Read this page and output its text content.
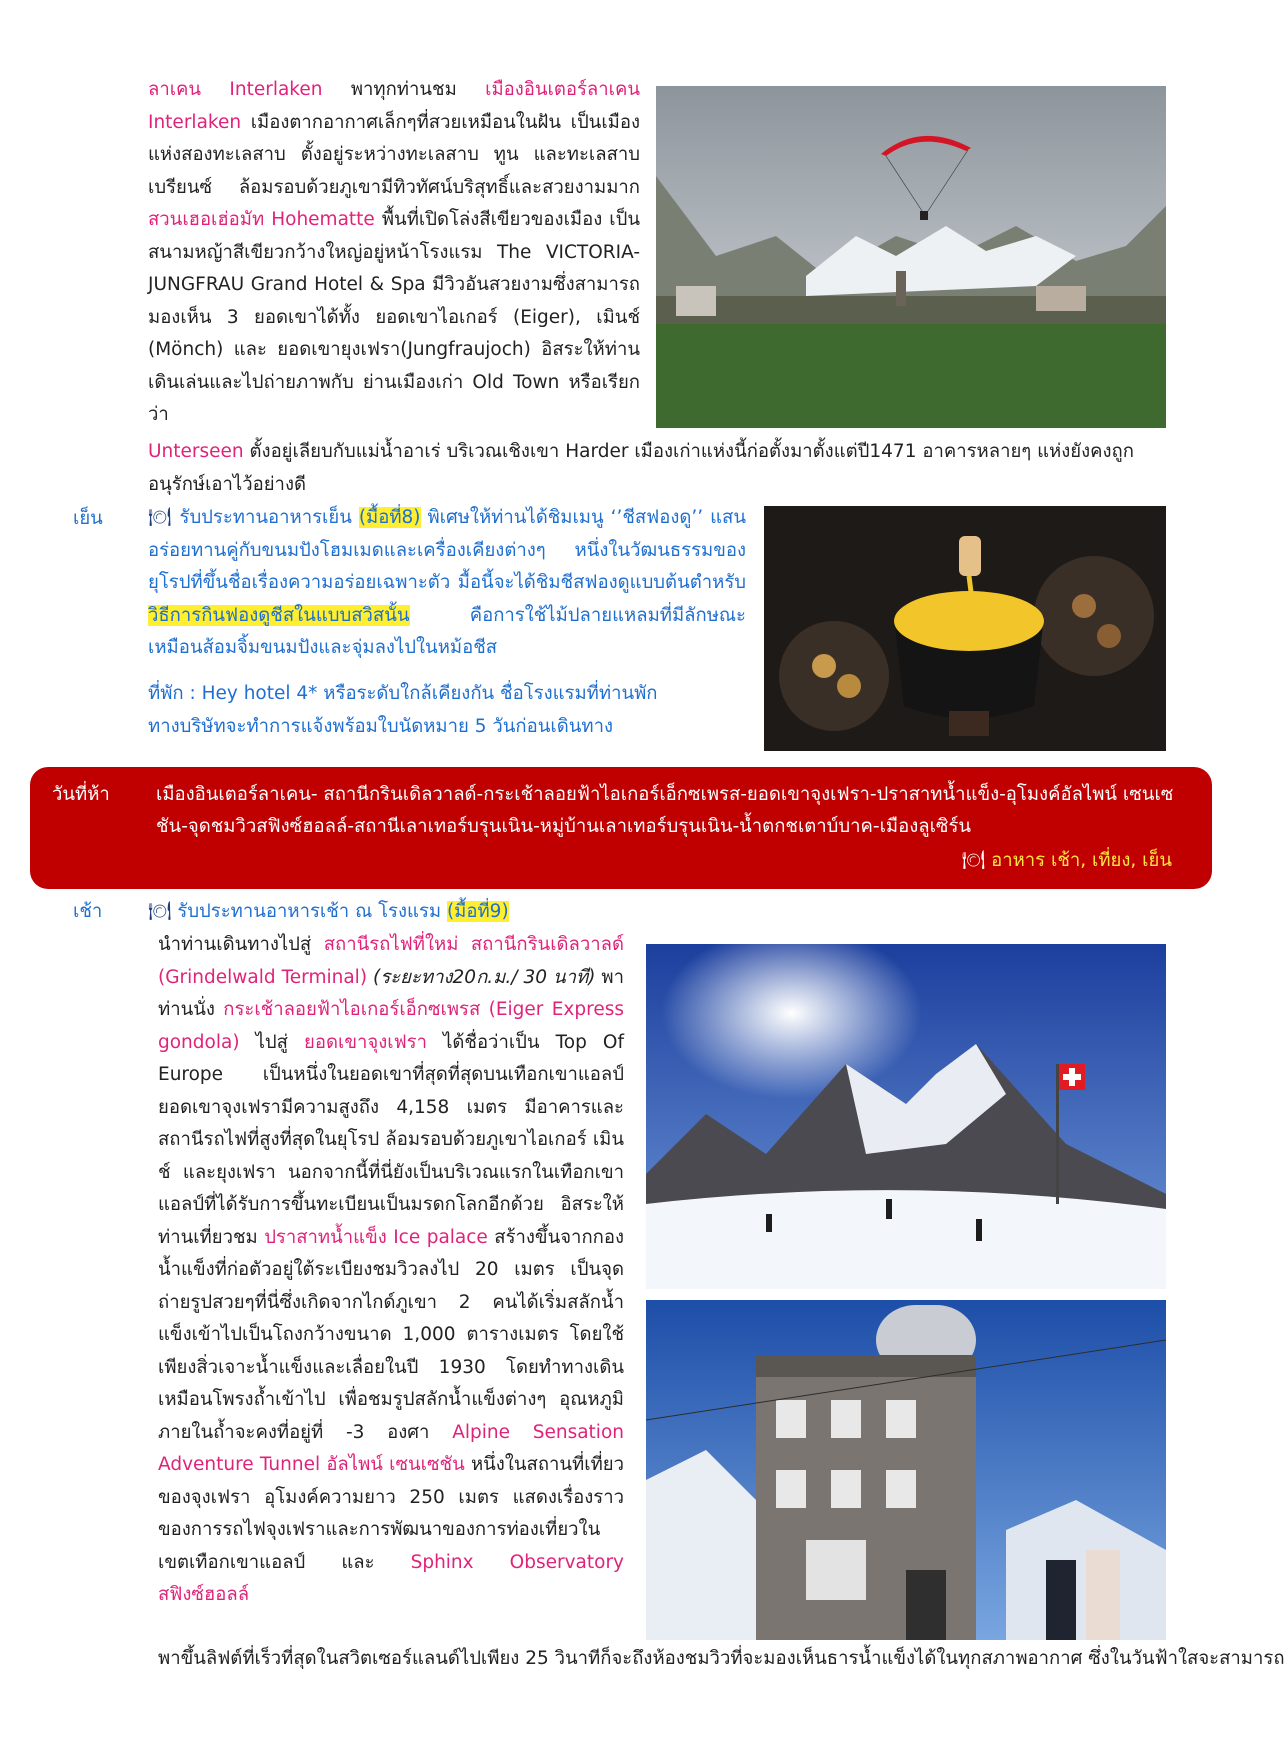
ลาเคน Interlaken พาทุกท่านชม เมืองอินเตอร์ลาเคน Interlaken เมืองตากอากาศเล็กๆที่สวยเหมือนในฝัน เป็นเมืองแห่งสองทะเลสาบ ตั้งอยู่ระหว่างทะเลสาบ ทูน และทะเลสาบเบรียนซ์ ล้อมรอบด้วยภูเขามีทิวทัศน์บริสุทธิ์และสวยงามมาก สวนเฮอเฮ่อมัท Hohematte พื้นที่เปิดโล่งสีเขียวของเมือง เป็นสนามหญ้าสีเขียวกว้างใหญ่อยู่หน้าโรงแรม The VICTORIA-JUNGFRAU Grand Hotel & Spa มีวิวอันสวยงามซึ่งสามารถมองเห็น 3 ยอดเขาได้ทั้ง ยอดเขาไอเกอร์ (Eiger), เมินช์ (Mönch) และ ยอดเขายุงเฟรา(Jungfraujoch) อิสระให้ท่านเดินเล่นและไปถ่ายภาพกับ ย่านเมืองเก่า Old Town หรือเรียกว่า
Unterseen ตั้งอยู่เลียบกับแม่น้ำอาเร่ บริเวณเชิงเขา Harder เมืองเก่าแห่งนี้ก่อตั้งมาตั้งแต่ปี1471 อาคารหลายๆ แห่งยังคงถูกอนุรักษ์เอาไว้อย่างดี
เย็น 🍽 รับประทานอาหารเย็น (มื้อที่8) พิเศษให้ท่านได้ชิมเมนู ‘’ชีสฟองดู’’ แสนอร่อยทานคู่กับขนมปังโฮมเมดและเครื่องเคียงต่างๆ หนึ่งในวัฒนธรรมของยุโรปที่ขึ้นชื่อเรื่องความอร่อยเฉพาะตัว มื้อนี้จะได้ชิมชีสฟองดูแบบต้นตำหรับ วิธีการกินฟองดูชีสในแบบสวิสนั้น คือการใช้ไม้ปลายแหลมที่มีลักษณะเหมือนส้อมจิ้มขนมปังและจุ่มลงไปในหม้อชีส
ที่พัก : Hey hotel 4* หรือระดับใกล้เคียงกัน ชื่อโรงแรมที่ท่านพัก
ทางบริษัทจะทำการแจ้งพร้อมใบนัดหมาย 5 วันก่อนเดินทาง
วันที่ห้า เมืองอินเตอร์ลาเคน- สถานีกรินเดิลวาลด์-กระเช้าลอยฟ้าไอเกอร์เอ็กซเพรส-ยอดเขาจุงเฟรา-ปราสาทน้ำแข็ง-อุโมงค์อัลไพน์ เซนเซชัน-จุดชมวิวสฟิงซ์ฮอลล์-สถานีเลาเทอร์บรุนเนิน-หมู่บ้านเลาเทอร์บรุนเนิน-น้ำตกชเตาบ์บาค-เมืองลูเซิร์น
🍽 อาหาร เช้า, เที่ยง, เย็น
เช้า 🍽 รับประทานอาหารเช้า ณ โรงแรม (มื้อที่9)
นำท่านเดินทางไปสู่ สถานีรถไฟที่ใหม่ สถานีกรินเดิลวาลด์ (Grindelwald Terminal) (ระยะทาง20ก.ม./ 30 นาที) พาท่านนั่ง กระเช้าลอยฟ้าไอเกอร์เอ็กซเพรส (Eiger Express gondola) ไปสู่ ยอดเขาจุงเฟรา ได้ชื่อว่าเป็น Top Of Europe เป็นหนึ่งในยอดเขาที่สุดที่สุดบนเทือกเขาแอลป์ ยอดเขาจุงเฟรามีความสูงถึง 4,158 เมตร มีอาคารและสถานีรถไฟที่สูงที่สุดในยุโรป ล้อมรอบด้วยภูเขาไอเกอร์ เมินช์ และยุงเฟรา นอกจากนี้ที่นี่ยังเป็นบริเวณแรกในเทือกเขาแอลป์ที่ได้รับการขึ้นทะเบียนเป็นมรดกโลกอีกด้วย อิสระให้ท่านเที่ยวชม ปราสาทน้ำแข็ง Ice palace สร้างขึ้นจากกองน้ำแข็งที่ก่อตัวอยู่ใต้ระเบียงชมวิวลงไป 20 เมตร เป็นจุดถ่ายรูปสวยๆที่นี่ซึ่งเกิดจากไกด์ภูเขา 2 คนได้เริ่มสลักน้ำแข็งเข้าไปเป็นโถงกว้างขนาด 1,000 ตารางเมตร โดยใช้เพียงสิ่วเจาะน้ำแข็งและเลื่อยในปี 1930 โดยทำทางเดินเหมือนโพรงถ้ำเข้าไป เพื่อชมรูปสลักน้ำแข็งต่างๆ อุณหภูมิภายในถ้ำจะคงที่อยู่ที่ -3 องศา Alpine Sensation Adventure Tunnel อัลไพน์ เซนเซชัน หนึ่งในสถานที่เที่ยวของจุงเฟรา อุโมงค์ความยาว 250 เมตร แสดงเรื่องราวของการรถไฟจุงเฟราและการพัฒนาของการท่องเที่ยวในเขตเทือกเขาแอลป์ และ Sphinx Observatory สฟิงซ์ฮอลล์
พาขึ้นลิฟต์ที่เร็วที่สุดในสวิตเซอร์แลนด์ไปเพียง 25 วินาทีก็จะถึงห้องชมวิวที่จะมองเห็นธารน้ำแข็งได้ในทุกสภาพอากาศ ซึ่งในวันฟ้าใสจะสามารถ
